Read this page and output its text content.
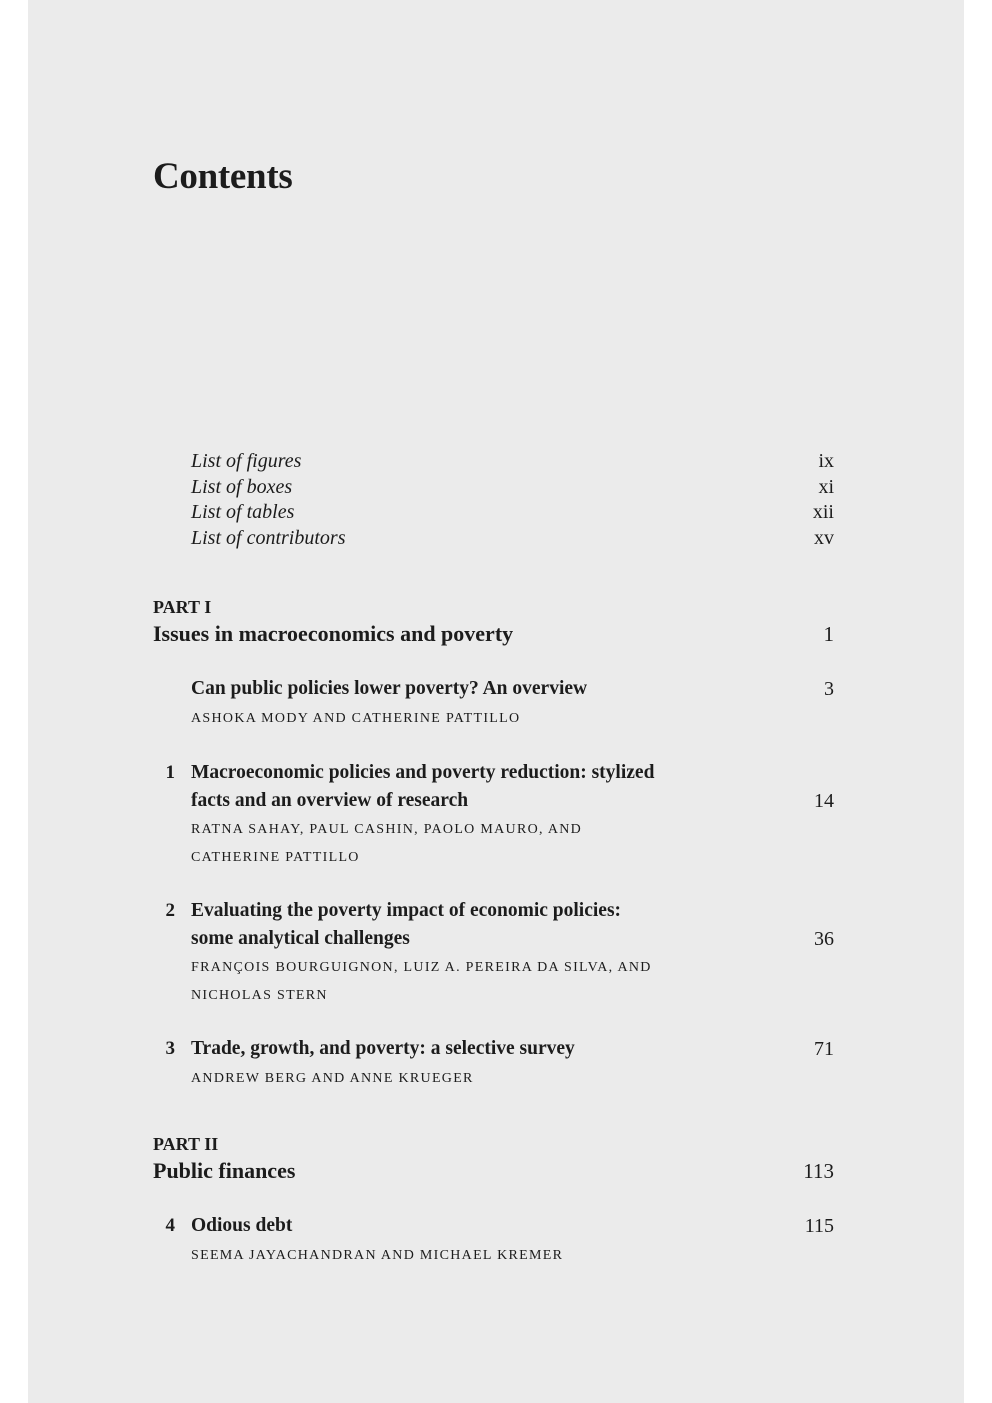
Contents
List of figures	ix
List of boxes	xi
List of tables	xii
List of contributors	xv
PART I
Issues in macroeconomics and poverty	1
Can public policies lower poverty? An overview	3
ASHOKA MODY AND CATHERINE PATTILLO
1 Macroeconomic policies and poverty reduction: stylized
facts and an overview of research	14
RATNA SAHAY, PAUL CASHIN, PAOLO MAURO, AND
CATHERINE PATTILLO
2 Evaluating the poverty impact of economic policies:
some analytical challenges	36
FRANÇOIS BOURGUIGNON, LUIZ A. PEREIRA DA SILVA, AND
NICHOLAS STERN
3 Trade, growth, and poverty: a selective survey	71
ANDREW BERG AND ANNE KRUEGER
PART II
Public finances	113
4 Odious debt	115
SEEMA JAYACHANDRAN AND MICHAEL KREMER
